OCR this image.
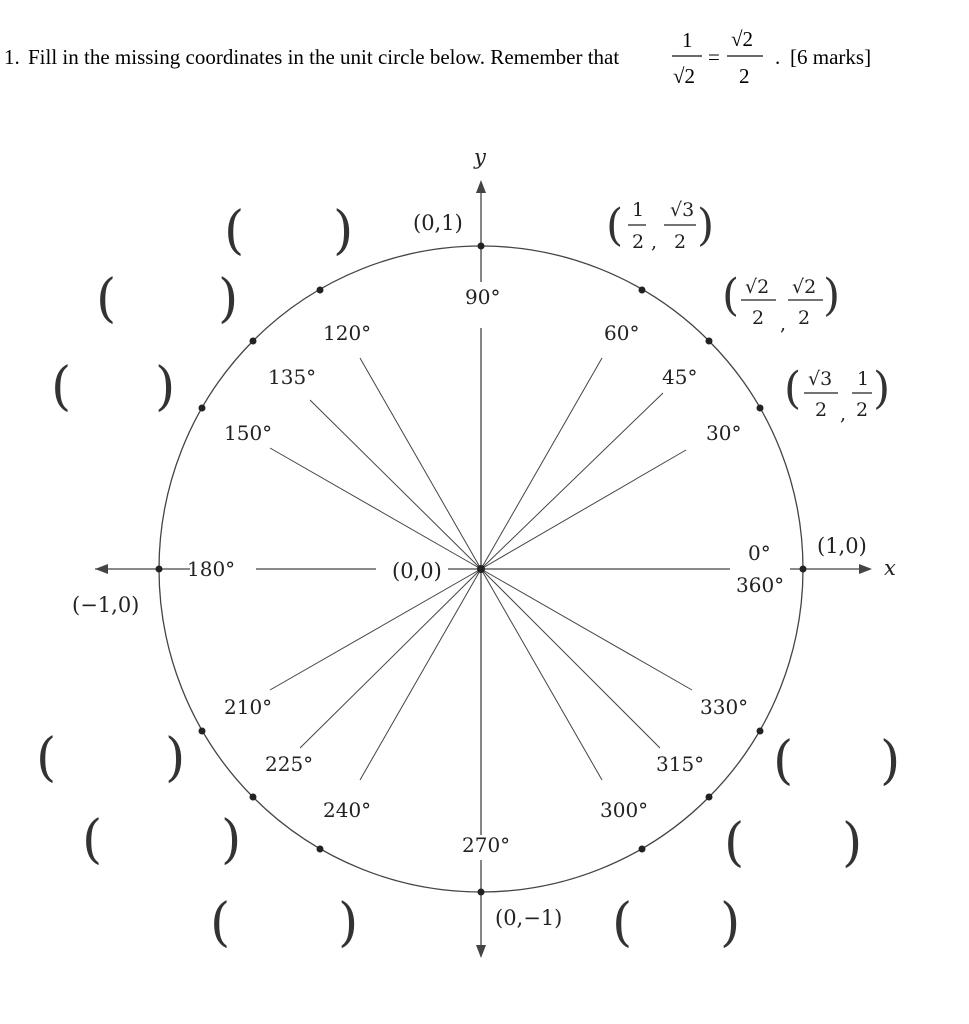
1. Fill in the missing coordinates in the unit circle below. Remember that
1
√2
=
√2
2
. [6 marks]
0°
30°
45°
60°
90°
120°
135°
150°
180°
210°
225°
240°
270°
300°
315°
330°
360°
y
x
(0,0)
(0,1)
(1,0)
(−1,0)
(0,−1)
( 1
2 ,
√3
2 )
( √2
2 ,
√2
2 )
( √3
2 ,
1
2 )
( )
( )
( )
( )
( )
( )	( )
( )
( )
